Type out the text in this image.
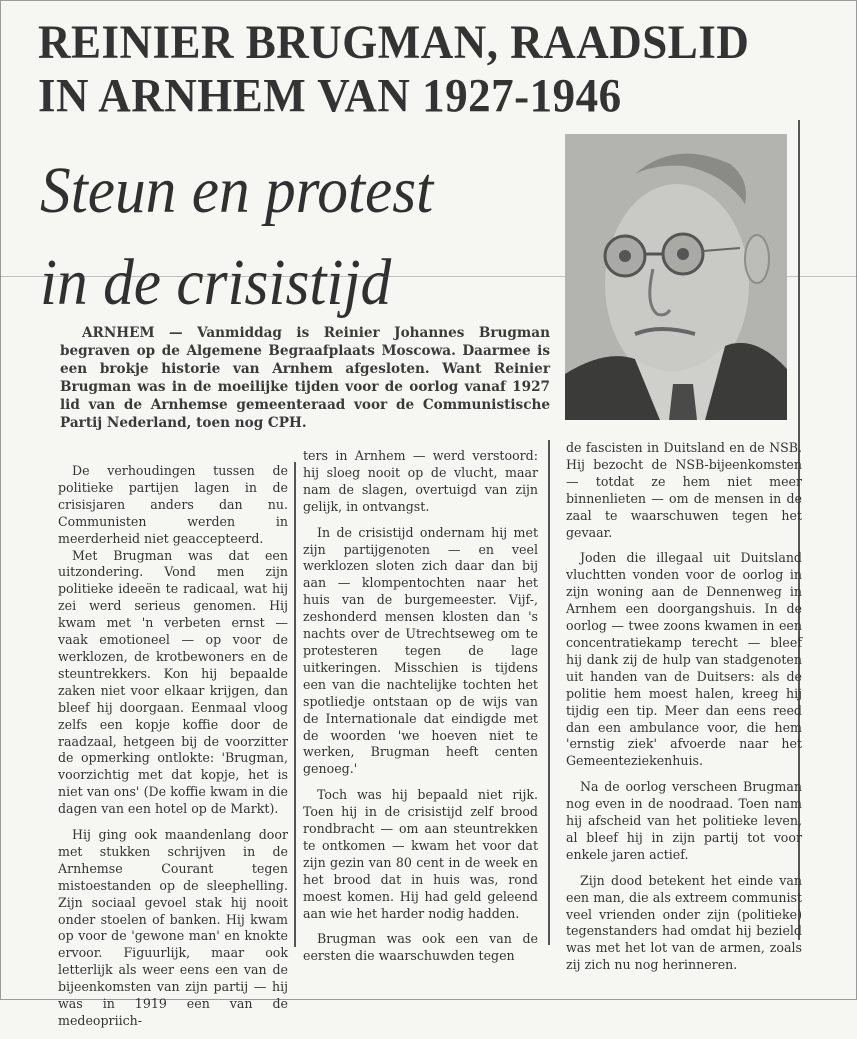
REINIER BRUGMAN, RAADSLID
IN ARNHEM VAN 1927-1946
Steun en protest
in de crisistijd
ARNHEM — Vanmiddag is Reinier Johannes Brugman begraven op de Algemene Begraafplaats Moscowa. Daarmee is een brokje historie van Arnhem afgesloten. Want Reinier Brugman was in de moeilijke tijden voor de oorlog vanaf 1927 lid van de Arnhemse gemeenteraad voor de Communistische Partij Nederland, toen nog CPH.

De verhoudingen tussen de politieke partijen lagen in de crisisjaren anders dan nu. Communisten werden in meerderheid niet geaccepteerd.

Met Brugman was dat een uitzondering. Vond men zijn politieke ideeën te radicaal, wat hij zei werd serieus genomen. Hij kwam met 'n verbeten ernst — vaak emotioneel — op voor de werklozen, de krotbewoners en de steuntrekkers. Kon hij bepaalde zaken niet voor elkaar krijgen, dan bleef hij doorgaan. Eenmaal vloog zelfs een kopje koffie door de raadzaal, hetgeen bij de voorzitter de opmerking ontlokte: 'Brugman, voorzichtig met dat kopje, het is niet van ons' (De koffie kwam in die dagen van een hotel op de Markt).

Hij ging ook maandenlang door met stukken schrijven in de Arnhemse Courant tegen mistoestanden op de sleephelling. Zijn sociaal gevoel stak hij nooit onder stoelen of banken. Hij kwam op voor de 'gewone man' en knokte ervoor. Figuurlijk, maar ook letterlijk als weer eens een van de bijeenkomsten van zijn partij — hij was in 1919 een van de medeopriich-

ters in Arnhem — werd verstoord: hij sloeg nooit op de vlucht, maar nam de slagen, overtuigd van zijn gelijk, in ontvangst.

In de crisistijd ondernam hij met zijn partijgenoten — en veel werklozen sloten zich daar dan bij aan — klompentochten naar het huis van de burgemeester. Vijf-, zeshonderd mensen klosten dan 's nachts over de Utrechtseweg om te protesteren tegen de lage uitkeringen. Misschien is tijdens een van die nachtelijke tochten het spotliedje ontstaan op de wijs van de Internationale dat eindigde met de woorden 'we hoeven niet te werken, Brugman heeft centen genoeg.'

Toch was hij bepaald niet rijk. Toen hij in de crisistijd zelf brood rondbracht — om aan steuntrekken te ontkomen — kwam het voor dat zijn gezin van 80 cent in de week en het brood dat in huis was, rond moest komen. Hij had geld geleend aan wie het harder nodig hadden.

Brugman was ook een van de eersten die waarschuwden tegen

de fascisten in Duitsland en de NSB. Hij bezocht de NSB-bijeenkomsten — totdat ze hem niet meer binnenlieten — om de mensen in de zaal te waarschuwen tegen het gevaar.

Joden die illegaal uit Duitsland vluchtten vonden voor de oorlog in zijn woning aan de Dennenweg in Arnhem een doorgangshuis. In de oorlog — twee zoons kwamen in een concentratiekamp terecht — bleef hij dank zij de hulp van stadgenoten uit handen van de Duitsers: als de politie hem moest halen, kreeg hij tijdig een tip. Meer dan eens reed dan een ambulance voor, die hem 'ernstig ziek' afvoerde naar het Gemeenteziekenhuis.

Na de oorlog verscheen Brugman nog even in de noodraad. Toen nam hij afscheid van het politieke leven, al bleef hij in zijn partij tot voor enkele jaren actief.

Zijn dood betekent het einde van een man, die als extreem communist veel vrienden onder zijn (politieke) tegenstanders had omdat hij bezield was met het lot van de armen, zoals zij zich nu nog herinneren.
